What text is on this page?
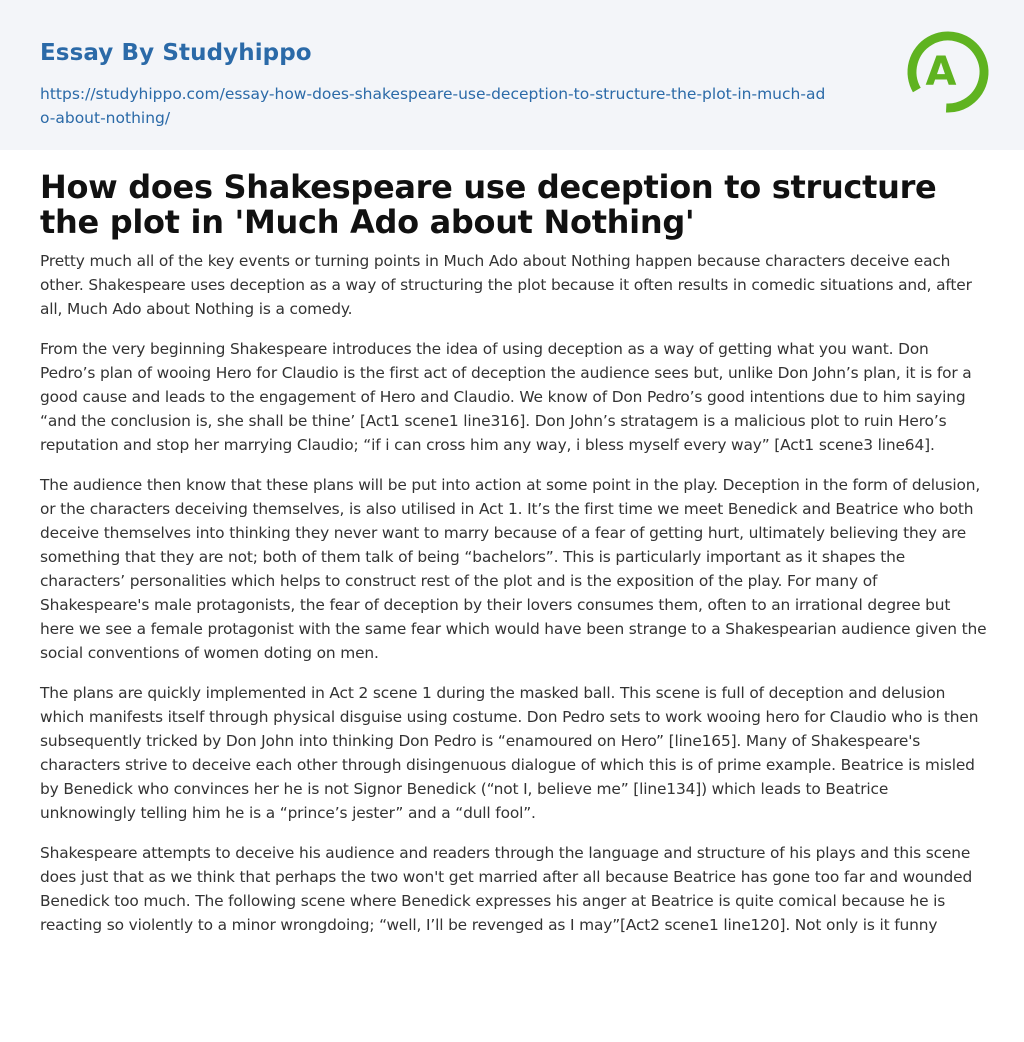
Essay By Studyhippo
https://studyhippo.com/essay-how-does-shakespeare-use-deception-to-structure-the-plot-in-much-ado-about-nothing/
A
How does Shakespeare use deception to structure the plot in 'Much Ado about Nothing'

Pretty much all of the key events or turning points in Much Ado about Nothing happen because characters deceive each other. Shakespeare uses deception as a way of structuring the plot because it often results in comedic situations and, after all, Much Ado about Nothing is a comedy.

From the very beginning Shakespeare introduces the idea of using deception as a way of getting what you want. Don Pedro’s plan of wooing Hero for Claudio is the first act of deception the audience sees but, unlike Don John’s plan, it is for a good cause and leads to the engagement of Hero and Claudio. We know of Don Pedro’s good intentions due to him saying “and the conclusion is, she shall be thine’ [Act1 scene1 line316]. Don John’s stratagem is a malicious plot to ruin Hero’s reputation and stop her marrying Claudio; “if i can cross him any way, i bless myself every way” [Act1 scene3 line64].

The audience then know that these plans will be put into action at some point in the play. Deception in the form of delusion, or the characters deceiving themselves, is also utilised in Act 1. It’s the first time we meet Benedick and Beatrice who both deceive themselves into thinking they never want to marry because of a fear of getting hurt, ultimately believing they are something that they are not; both of them talk of being “bachelors”. This is particularly important as it shapes the characters’ personalities which helps to construct rest of the plot and is the exposition of the play. For many of Shakespeare's male protagonists, the fear of deception by their lovers consumes them, often to an irrational degree but here we see a female protagonist with the same fear which would have been strange to a Shakespearian audience given the social conventions of women doting on men.

The plans are quickly implemented in Act 2 scene 1 during the masked ball. This scene is full of deception and delusion which manifests itself through physical disguise using costume. Don Pedro sets to work wooing hero for Claudio who is then subsequently tricked by Don John into thinking Don Pedro is “enamoured on Hero” [line165]. Many of Shakespeare's characters strive to deceive each other through disingenuous dialogue of which this is of prime example. Beatrice is misled by Benedick who convinces her he is not Signor Benedick (“not I, believe me” [line134]) which leads to Beatrice unknowingly telling him he is a “prince’s jester” and a “dull fool”.

Shakespeare attempts to deceive his audience and readers through the language and structure of his plays and this scene does just that as we think that perhaps the two won't get married after all because Beatrice has gone too far and wounded Benedick too much. The following scene where Benedick expresses his anger at Beatrice is quite comical because he is reacting so violently to a minor wrongdoing; “well, I’ll be revenged as I may”[Act2 scene1 line120]. Not only is it funny
